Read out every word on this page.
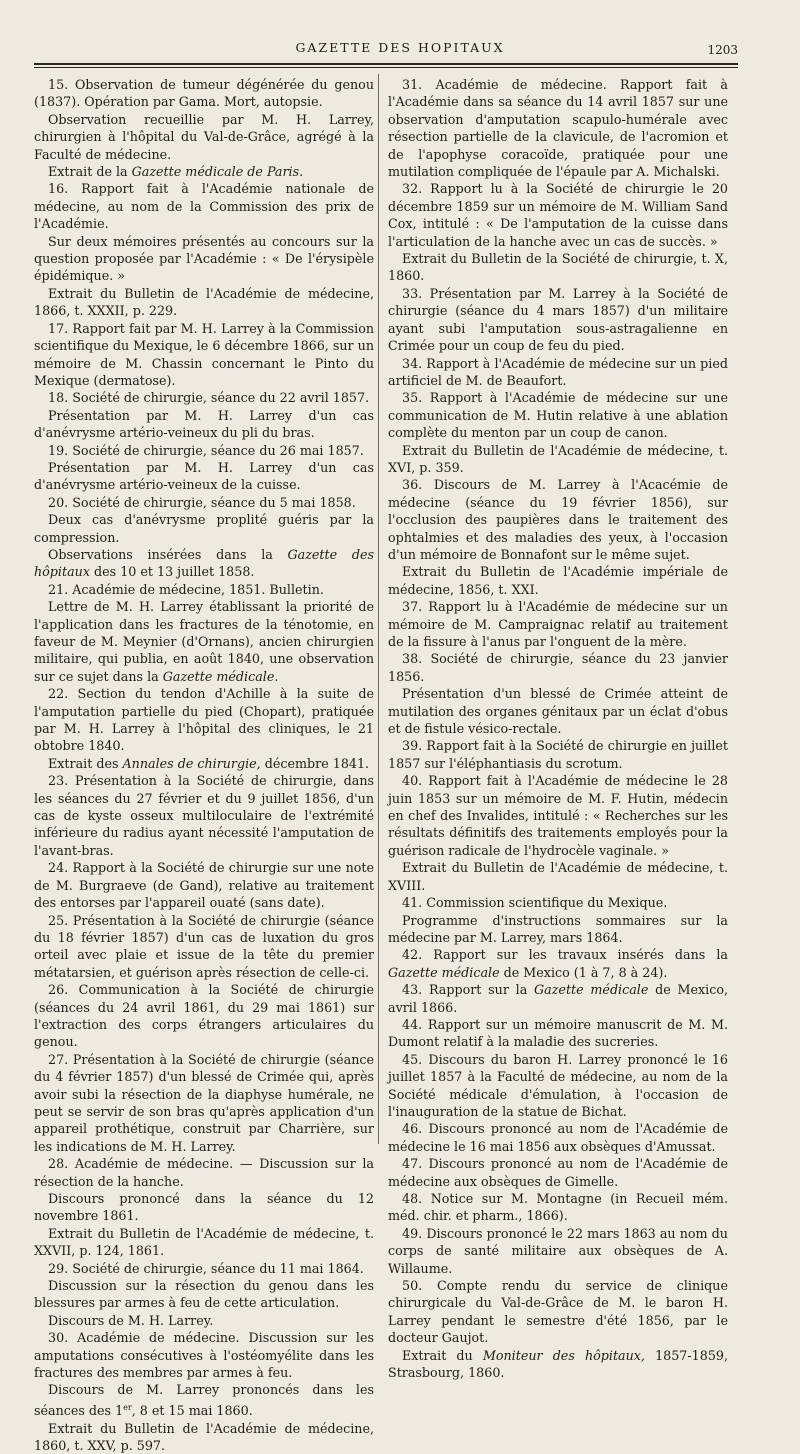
GAZETTE DES HOPITAUX	1203

15. Observation de tumeur dégénérée du genou (1837). Opération par Gama. Mort, autopsie.

Observation recueillie par M. H. Larrey, chirurgien à l'hôpital du Val-de-Grâce, agrégé à la Faculté de médecine.

Extrait de la Gazette médicale de Paris.

16. Rapport fait à l'Académie nationale de médecine, au nom de la Commission des prix de l'Académie.

Sur deux mémoires présentés au concours sur la question proposée par l'Académie : « De l'érysipèle épidémique. »

Extrait du Bulletin de l'Académie de médecine, 1866, t. XXXII, p. 229.

17. Rapport fait par M. H. Larrey à la Commission scientifique du Mexique, le 6 décembre 1866, sur un mémoire de M. Chassin concernant le Pinto du Mexique (dermatose).

18. Société de chirurgie, séance du 22 avril 1857.

Présentation par M. H. Larrey d'un cas d'anévrysme artério-veineux du pli du bras.

19. Société de chirurgie, séance du 26 mai 1857.

Présentation par M. H. Larrey d'un cas d'anévrysme artério-veineux de la cuisse.

20. Société de chirurgie, séance du 5 mai 1858.

Deux cas d'anévrysme proplité guéris par la compression.

Observations insérées dans la Gazette des hôpitaux des 10 et 13 juillet 1858.

21. Académie de médecine, 1851. Bulletin.

Lettre de M. H. Larrey établissant la priorité de l'application dans les fractures de la ténotomie, en faveur de M. Meynier (d'Ornans), ancien chirurgien militaire, qui publia, en août 1840, une observation sur ce sujet dans la Gazette médicale.

22. Section du tendon d'Achille à la suite de l'amputation partielle du pied (Chopart), pratiquée par M. H. Larrey à l'hôpital des cliniques, le 21 obtobre 1840.

Extrait des Annales de chirurgie, décembre 1841.

23. Présentation à la Société de chirurgie, dans les séances du 27 février et du 9 juillet 1856, d'un cas de kyste osseux multiloculaire de l'extrémité inférieure du radius ayant nécessité l'amputation de l'avant-bras.

24. Rapport à la Société de chirurgie sur une note de M. Burgraeve (de Gand), relative au traitement des entorses par l'appareil ouaté (sans date).

25. Présentation à la Société de chirurgie (séance du 18 février 1857) d'un cas de luxation du gros orteil avec plaie et issue de la tête du premier métatarsien, et guérison après résection de celle-ci.

26. Communication à la Société de chirurgie (séances du 24 avril 1861, du 29 mai 1861) sur l'extraction des corps étrangers articulaires du genou.

27. Présentation à la Société de chirurgie (séance du 4 février 1857) d'un blessé de Crimée qui, après avoir subi la résection de la diaphyse humérale, ne peut se servir de son bras qu'après application d'un appareil prothétique, construit par Charrière, sur les indications de M. H. Larrey.

28. Académie de médecine. — Discussion sur la résection de la hanche.

Discours prononcé dans la séance du 12 novembre 1861.

Extrait du Bulletin de l'Académie de médecine, t. XXVII, p. 124, 1861.

29. Société de chirurgie, séance du 11 mai 1864.

Discussion sur la résection du genou dans les blessures par armes à feu de cette articulation.

Discours de M. H. Larrey.

30. Académie de médecine. Discussion sur les amputations consécutives à l'ostéomyélite dans les fractures des membres par armes à feu.

Discours de M. Larrey prononcés dans les séances des 1er, 8 et 15 mai 1860.

Extrait du Bulletin de l'Académie de médecine, 1860, t. XXV, p. 597.

31. Académie de médecine. Rapport fait à l'Académie dans sa séance du 14 avril 1857 sur une observation d'amputation scapulo-humérale avec résection partielle de la clavicule, de l'acromion et de l'apophyse coracoïde, pratiquée pour une mutilation compliquée de l'épaule par A. Michalski.

32. Rapport lu à la Société de chirurgie le 20 décembre 1859 sur un mémoire de M. William Sand Cox, intitulé : « De l'amputation de la cuisse dans l'articulation de la hanche avec un cas de succès. »

Extrait du Bulletin de la Société de chirurgie, t. X, 1860.

33. Présentation par M. Larrey à la Société de chirurgie (séance du 4 mars 1857) d'un militaire ayant subi l'amputation sous-astragalienne en Crimée pour un coup de feu du pied.

34. Rapport à l'Académie de médecine sur un pied artificiel de M. de Beaufort.

35. Rapport à l'Académie de médecine sur une communication de M. Hutin relative à une ablation complète du menton par un coup de canon.

Extrait du Bulletin de l'Académie de médecine, t. XVI, p. 359.

36. Discours de M. Larrey à l'Acacémie de médecine (séance du 19 février 1856), sur l'occlusion des paupières dans le traitement des ophtalmies et des maladies des yeux, à l'occasion d'un mémoire de Bonnafont sur le même sujet.

Extrait du Bulletin de l'Académie impériale de médecine, 1856, t. XXI.

37. Rapport lu à l'Académie de médecine sur un mémoire de M. Campraignac relatif au traitement de la fissure à l'anus par l'onguent de la mère.

38. Société de chirurgie, séance du 23 janvier 1856.

Présentation d'un blessé de Crimée atteint de mutilation des organes génitaux par un éclat d'obus et de fistule vésico-rectale.

39. Rapport fait à la Société de chirurgie en juillet 1857 sur l'éléphantiasis du scrotum.

40. Rapport fait à l'Académie de médecine le 28 juin 1853 sur un mémoire de M. F. Hutin, médecin en chef des Invalides, intitulé : « Recherches sur les résultats définitifs des traitements employés pour la guérison radicale de l'hydrocèle vaginale. »

Extrait du Bulletin de l'Académie de médecine, t. XVIII.

41. Commission scientifique du Mexique.

Programme d'instructions sommaires sur la médecine par M. Larrey, mars 1864.

42. Rapport sur les travaux insérés dans la Gazette médicale de Mexico (1 à 7, 8 à 24).

43. Rapport sur la Gazette médicale de Mexico, avril 1866.

44. Rapport sur un mémoire manuscrit de M. M. Dumont relatif à la maladie des sucreries.

45. Discours du baron H. Larrey prononcé le 16 juillet 1857 à la Faculté de médecine, au nom de la Société médicale d'émulation, à l'occasion de l'inauguration de la statue de Bichat.

46. Discours prononcé au nom de l'Académie de médecine le 16 mai 1856 aux obsèques d'Amussat.

47. Discours prononcé au nom de l'Académie de médecine aux obsèques de Gimelle.

48. Notice sur M. Montagne (in Recueil mém. méd. chir. et pharm., 1866).

49. Discours prononcé le 22 mars 1863 au nom du corps de santé militaire aux obsèques de A. Willaume.

50. Compte rendu du service de clinique chirurgicale du Val-de-Grâce de M. le baron H. Larrey pendant le semestre d'été 1856, par le docteur Gaujot.

Extrait du Moniteur des hôpitaux, 1857-1859, Strasbourg, 1860.
